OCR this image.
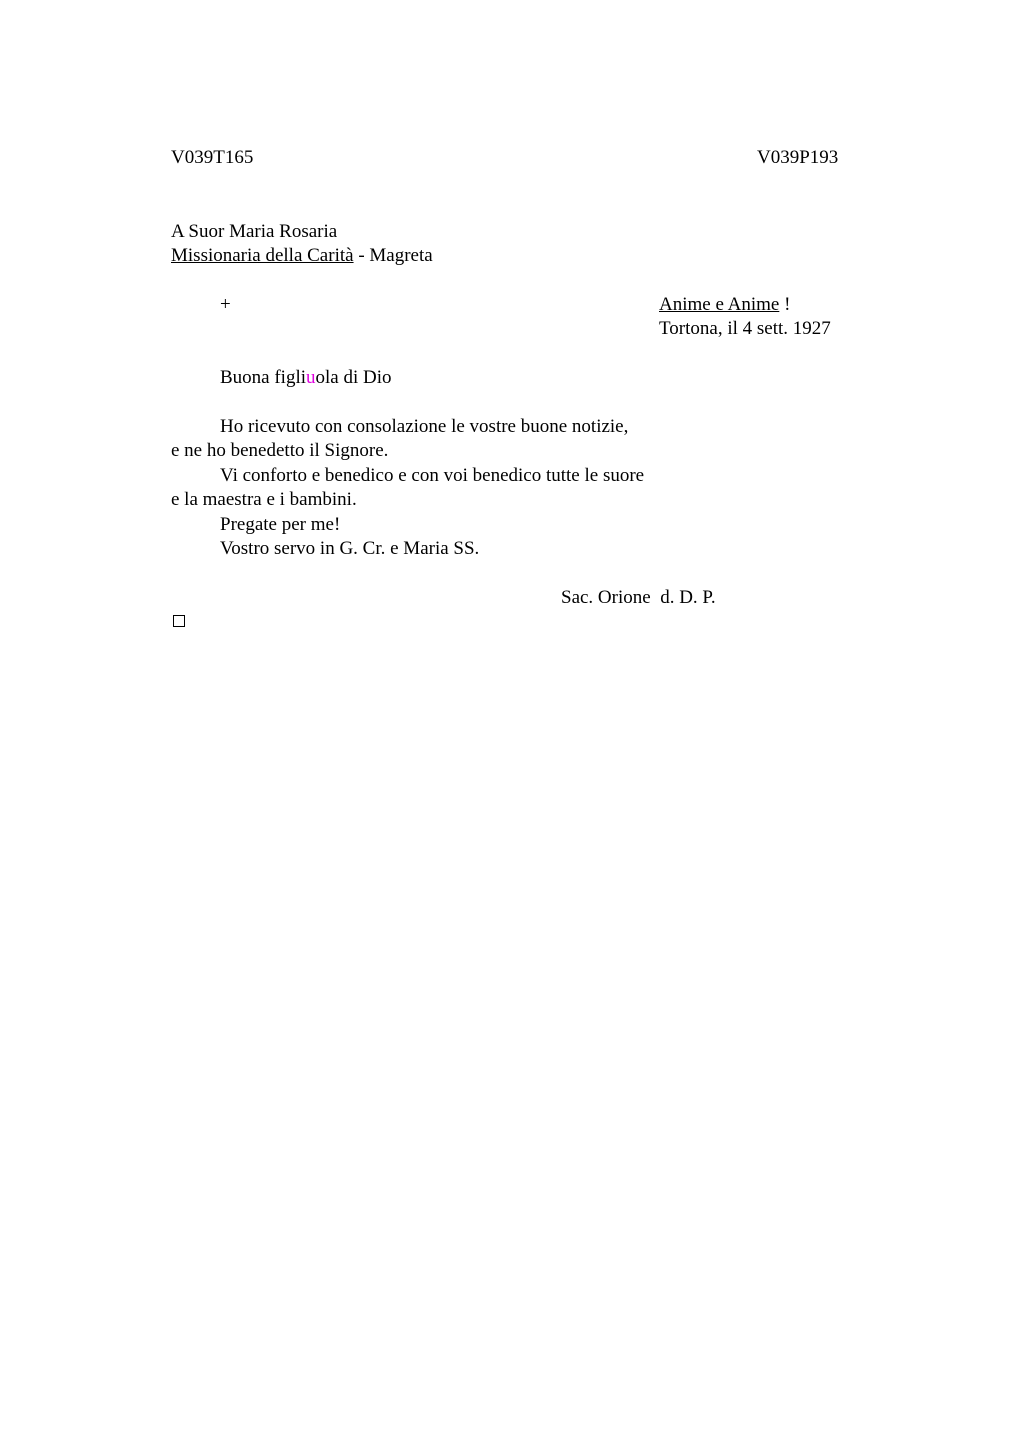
V039T165	V039P193
A Suor Maria Rosaria
Missionaria della Carità - Magreta
+	Anime e Anime !
Tortona, il 4 sett. 1927
Buona figliuola di Dio
Ho ricevuto con consolazione le vostre buone notizie,
e ne ho benedetto il Signore.
Vi conforto e benedico e con voi benedico tutte le suore
e la maestra e i bambini.
Pregate per me!
Vostro servo in G. Cr. e Maria SS.
Sac. Orione  d. D. P.
